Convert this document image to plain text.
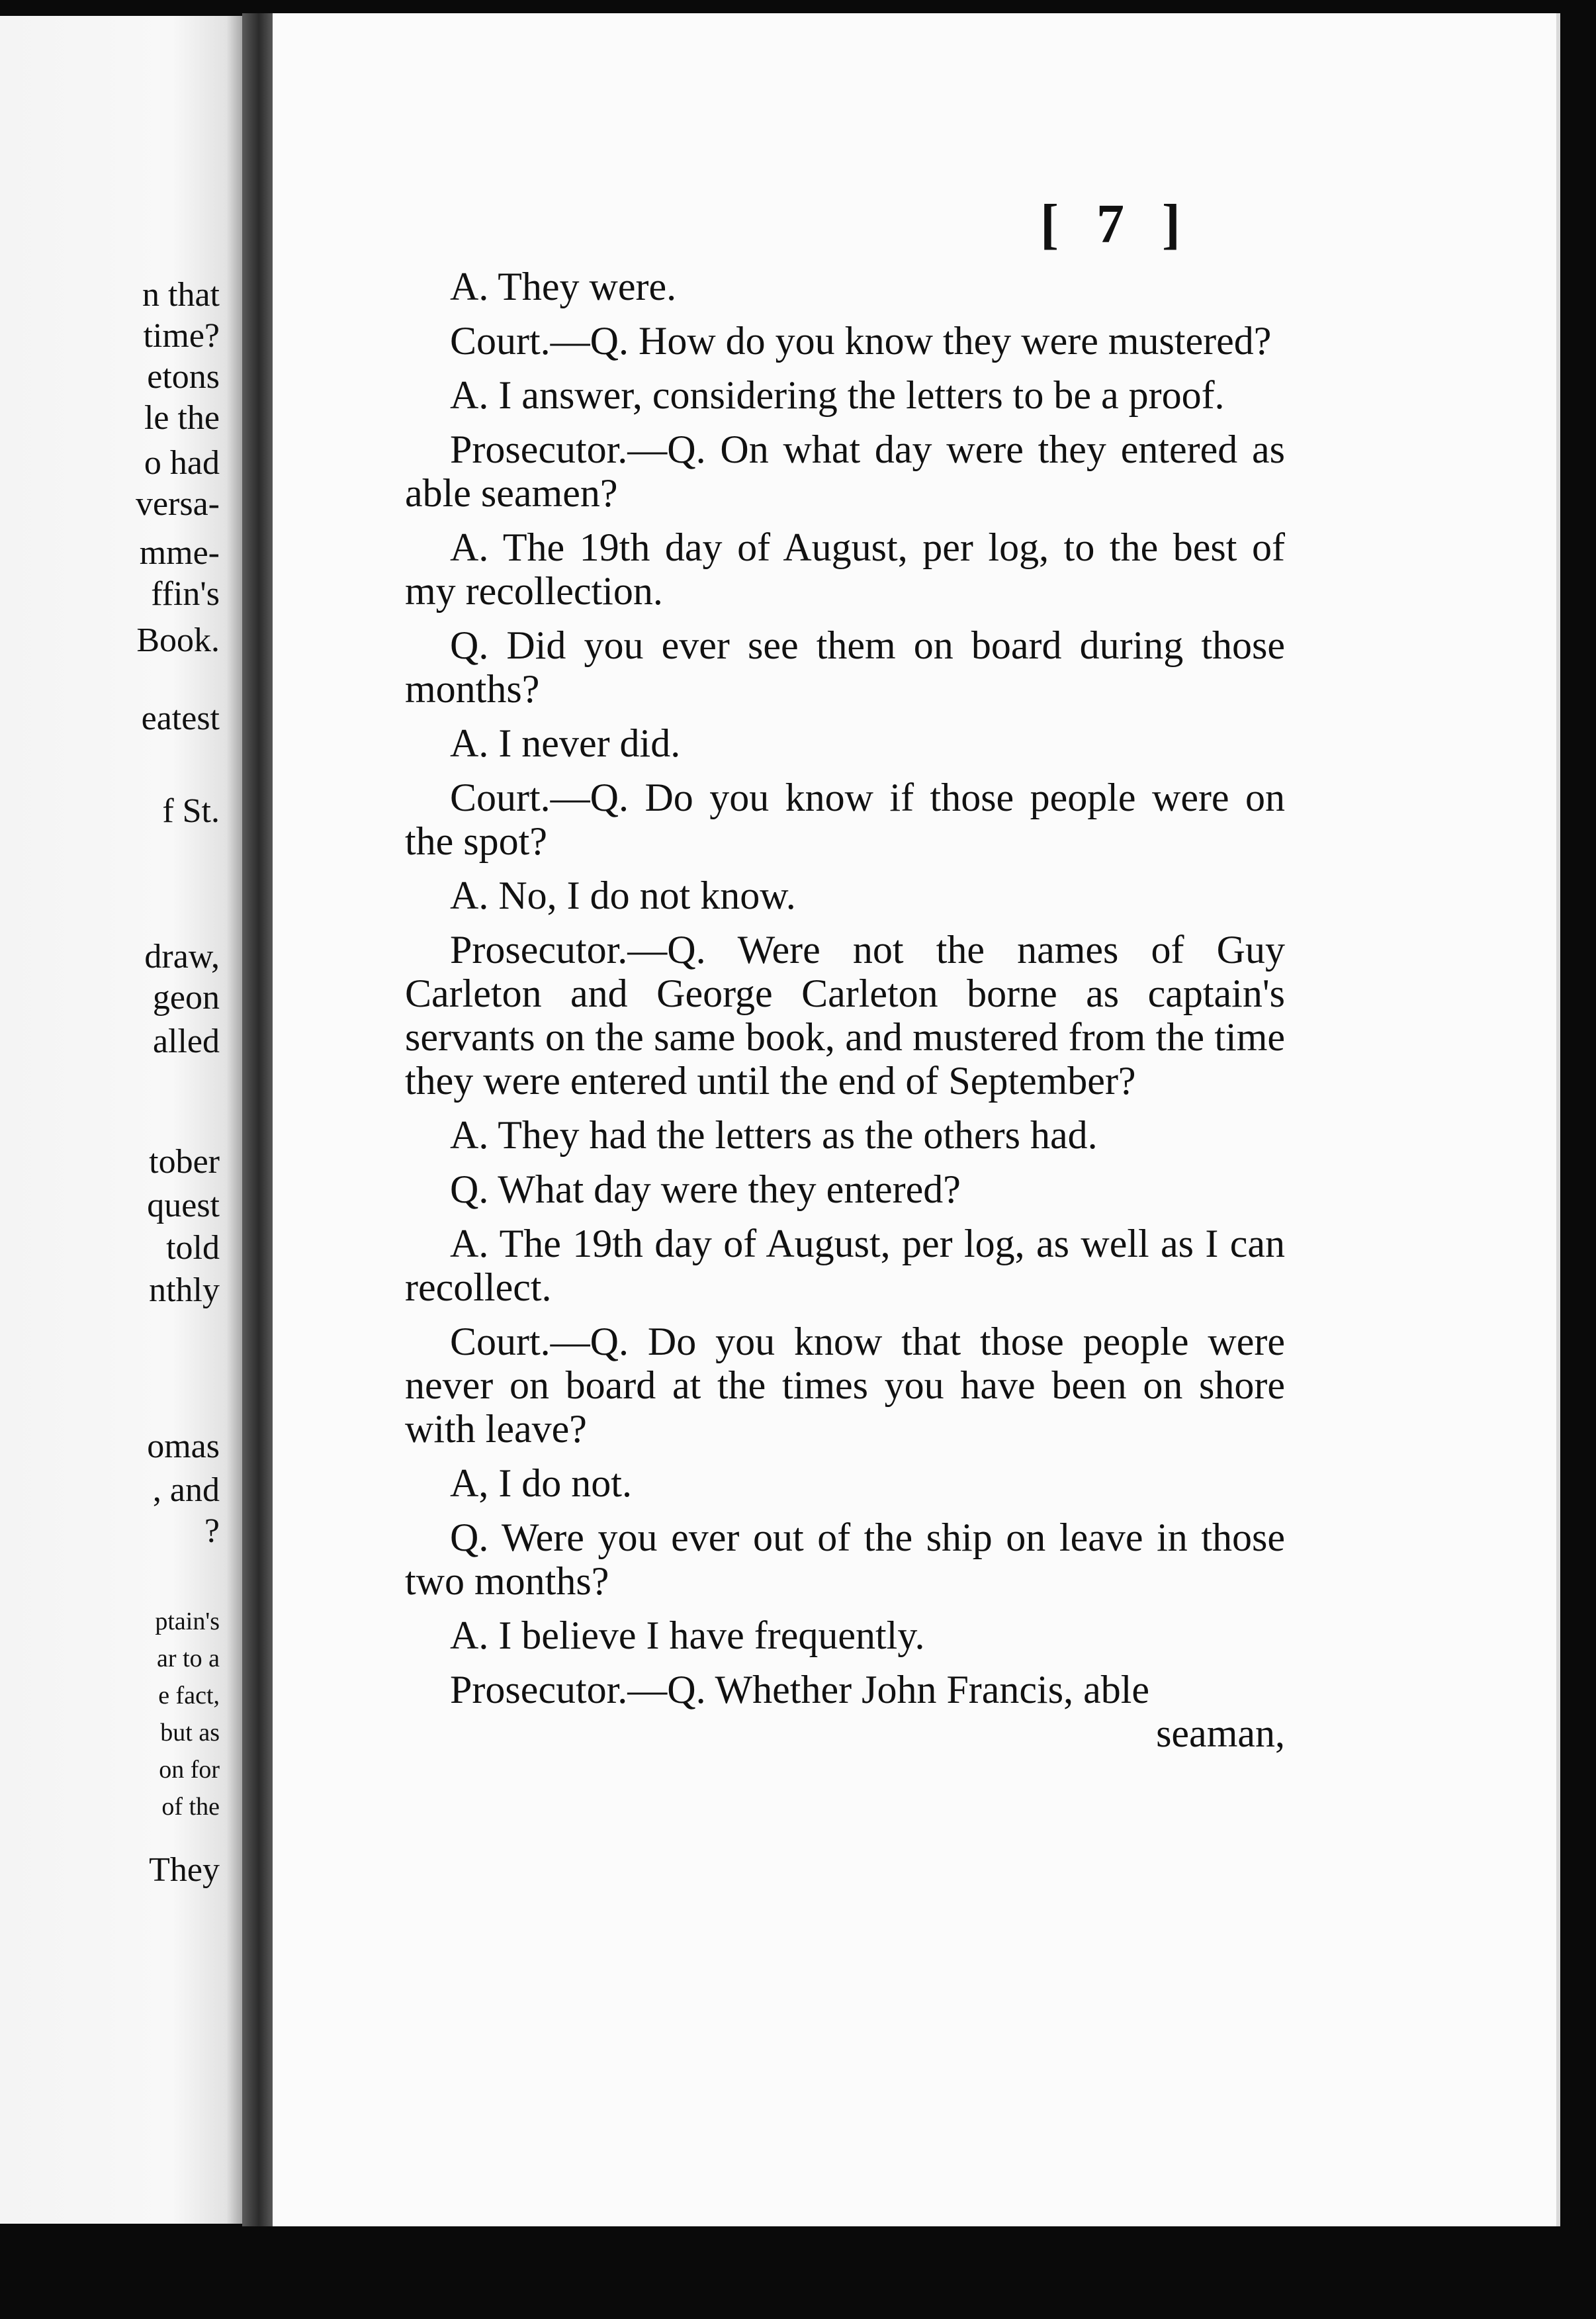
n that
time?
etons
le the
o had
versa-
mme-
ffin's
Book.
eatest
f St.
draw,
geon
alled
tober
quest
told
nthly
omas
, and
?
ptain's
ar to a
e fact,
but as
on for
of the
They
[ 7 ]

A. They were.

Court.—Q. How do you know they were mustered?

A. I answer, considering the letters to be a proof.

Prosecutor.—Q. On what day were they entered as able seamen?

A. The 19th day of August, per log, to the best of my recollection.

Q. Did you ever see them on board during those months?

A. I never did.

Court.—Q. Do you know if those people were on the spot?

A. No, I do not know.

Prosecutor.—Q. Were not the names of Guy Carleton and George Carleton borne as captain's servants on the same book, and mustered from the time they were entered until the end of September?

A. They had the letters as the others had.

Q. What day were they entered?

A. The 19th day of August, per log, as well as I can recollect.

Court.—Q. Do you know that those people were never on board at the times you have been on shore with leave?

A, I do not.

Q. Were you ever out of the ship on leave in those two months?

A. I believe I have frequently.

Prosecutor.—Q. Whether John Francis, able

seaman,
